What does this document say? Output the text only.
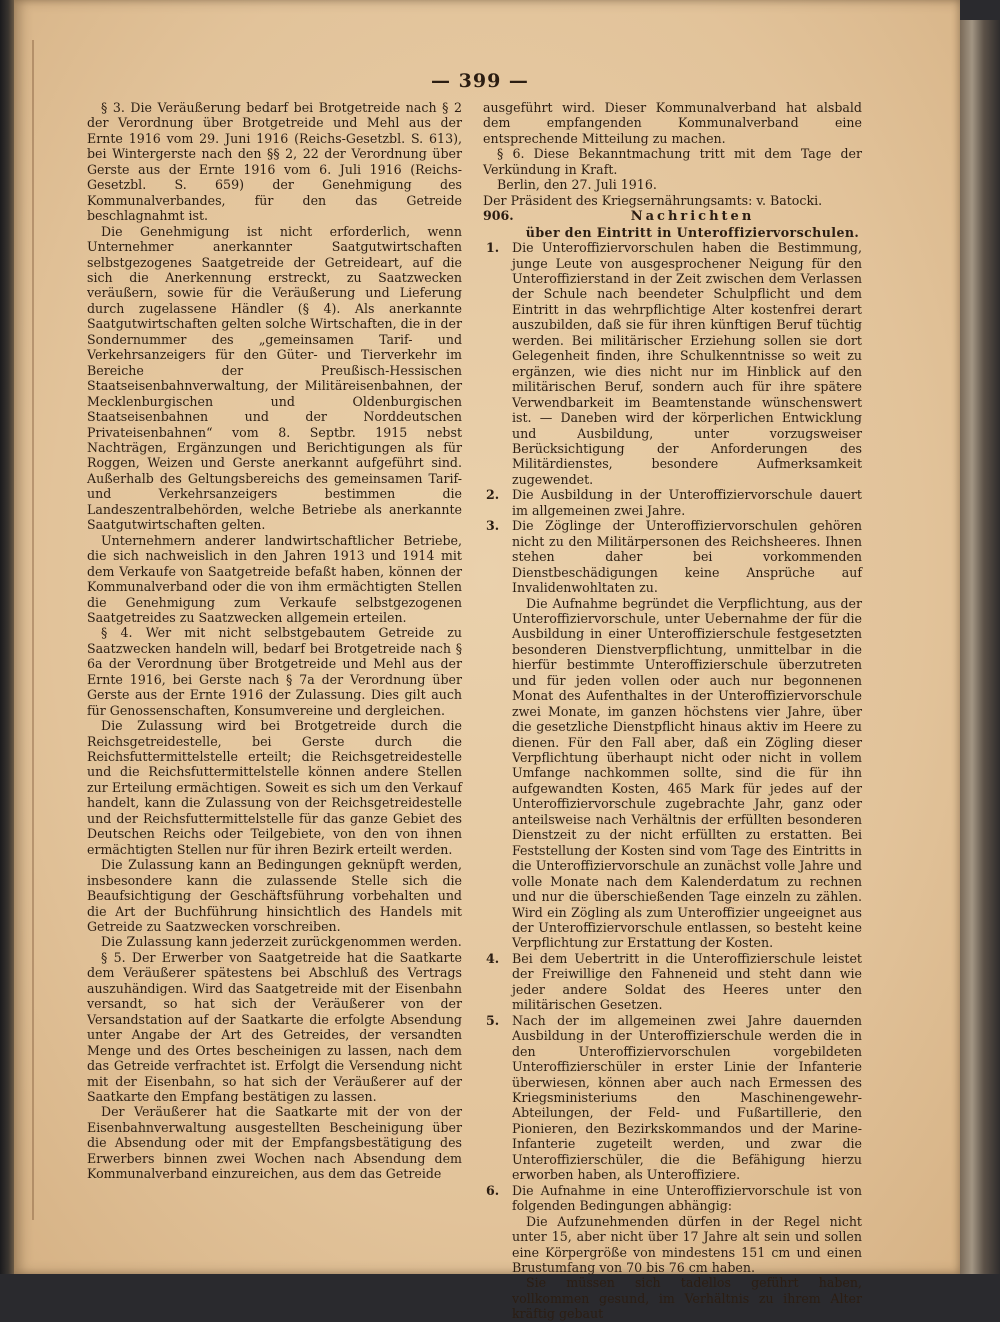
— 399 —

§ 3. Die Veräußerung bedarf bei Brotgetreide nach § 2 der Verordnung über Brotgetreide und Mehl aus der Ernte 1916 vom 29. Juni 1916 (Reichs-Gesetzbl. S. 613), bei Wintergerste nach den §§ 2, 22 der Verordnung über Gerste aus der Ernte 1916 vom 6. Juli 1916 (Reichs-Gesetzbl. S. 659) der Genehmigung des Kommunalverbandes, für den das Getreide beschlagnahmt ist.

Die Genehmigung ist nicht erforderlich, wenn Unternehmer anerkannter Saatgutwirtschaften selbstgezogenes Saatgetreide der Getreideart, auf die sich die Anerkennung erstreckt, zu Saatzwecken veräußern, sowie für die Veräußerung und Lieferung durch zugelassene Händler (§ 4). Als anerkannte Saatgutwirtschaften gelten solche Wirtschaften, die in der Sondernummer des „gemeinsamen Tarif- und Verkehrsanzeigers für den Güter- und Tierverkehr im Bereiche der Preußisch-Hessischen Staatseisenbahnverwaltung, der Militäreisenbahnen, der Mecklenburgischen und Oldenburgischen Staatseisenbahnen und der Norddeutschen Privateisenbahnen“ vom 8. Septbr. 1915 nebst Nachträgen, Ergänzungen und Berichtigungen als für Roggen, Weizen und Gerste anerkannt aufgeführt sind. Außerhalb des Geltungsbereichs des gemeinsamen Tarif- und Verkehrsanzeigers bestimmen die Landeszentralbehörden, welche Betriebe als anerkannte Saatgutwirtschaften gelten.

Unternehmern anderer landwirtschaftlicher Betriebe, die sich nachweislich in den Jahren 1913 und 1914 mit dem Verkaufe von Saatgetreide befaßt haben, können der Kommunalverband oder die von ihm ermächtigten Stellen die Genehmigung zum Verkaufe selbstgezogenen Saatgetreides zu Saatzwecken allgemein erteilen.

§ 4. Wer mit nicht selbstgebautem Getreide zu Saatzwecken handeln will, bedarf bei Brotgetreide nach § 6a der Verordnung über Brotgetreide und Mehl aus der Ernte 1916, bei Gerste nach § 7a der Verordnung über Gerste aus der Ernte 1916 der Zulassung. Dies gilt auch für Genossenschaften, Konsumvereine und dergleichen.

Die Zulassung wird bei Brotgetreide durch die Reichsgetreidestelle, bei Gerste durch die Reichsfuttermittelstelle erteilt; die Reichsgetreidestelle und die Reichsfuttermittelstelle können andere Stellen zur Erteilung ermächtigen. Soweit es sich um den Verkauf handelt, kann die Zulassung von der Reichsgetreidestelle und der Reichsfuttermittelstelle für das ganze Gebiet des Deutschen Reichs oder Teilgebiete, von den von ihnen ermächtigten Stellen nur für ihren Bezirk erteilt werden.

Die Zulassung kann an Bedingungen geknüpft werden, insbesondere kann die zulassende Stelle sich die Beaufsichtigung der Geschäftsführung vorbehalten und die Art der Buchführung hinsichtlich des Handels mit Getreide zu Saatzwecken vorschreiben.

Die Zulassung kann jederzeit zurückgenommen werden.

§ 5. Der Erwerber von Saatgetreide hat die Saatkarte dem Veräußerer spätestens bei Abschluß des Vertrags auszuhändigen. Wird das Saatgetreide mit der Eisenbahn versandt, so hat sich der Veräußerer von der Versandstation auf der Saatkarte die erfolgte Absendung unter Angabe der Art des Getreides, der versandten Menge und des Ortes bescheinigen zu lassen, nach dem das Getreide verfrachtet ist. Erfolgt die Versendung nicht mit der Eisenbahn, so hat sich der Veräußerer auf der Saatkarte den Empfang bestätigen zu lassen.

Der Veräußerer hat die Saatkarte mit der von der Eisenbahnverwaltung ausgestellten Bescheinigung über die Absendung oder mit der Empfangsbestätigung des Erwerbers binnen zwei Wochen nach Absendung dem Kommunalverband einzureichen, aus dem das Getreide

ausgeführt wird. Dieser Kommunalverband hat alsbald dem empfangenden Kommunalverband eine entsprechende Mitteilung zu machen.

§ 6. Diese Bekanntmachung tritt mit dem Tage der Verkündung in Kraft.

Berlin, den 27. Juli 1916.

Der Präsident des Kriegsernährungsamts: v. Batocki.

906.	Nachrichten
über den Eintritt in Unteroffiziervorschulen.
1.	Die Unteroffiziervorschulen haben die Bestimmung, junge Leute von ausgesprochener Neigung für den Unteroffizierstand in der Zeit zwischen dem Verlassen der Schule nach beendeter Schulpflicht und dem Eintritt in das wehrpflichtige Alter kostenfrei derart auszubilden, daß sie für ihren künftigen Beruf tüchtig werden. Bei militärischer Erziehung sollen sie dort Gelegenheit finden, ihre Schulkenntnisse so weit zu ergänzen, wie dies nicht nur im Hinblick auf den militärischen Beruf, sondern auch für ihre spätere Verwendbarkeit im Beamtenstande wünschenswert ist. — Daneben wird der körperlichen Entwicklung und Ausbildung, unter vorzugsweiser Berücksichtigung der Anforderungen des Militärdienstes, besondere Aufmerksamkeit zugewendet.

2.	Die Ausbildung in der Unteroffiziervorschule dauert im allgemeinen zwei Jahre.

3.	Die Zöglinge der Unteroffiziervorschulen gehören nicht zu den Militärpersonen des Reichsheeres. Ihnen stehen daher bei vorkommenden Dienstbeschädigungen keine Ansprüche auf Invalidenwohltaten zu.

Die Aufnahme begründet die Verpflichtung, aus der Unteroffiziervorschule, unter Uebernahme der für die Ausbildung in einer Unteroffizierschule festgesetzten besonderen Dienstverpflichtung, unmittelbar in die hierfür bestimmte Unteroffizierschule überzutreten und für jeden vollen oder auch nur begonnenen Monat des Aufenthaltes in der Unteroffiziervorschule zwei Monate, im ganzen höchstens vier Jahre, über die gesetzliche Dienstpflicht hinaus aktiv im Heere zu dienen. Für den Fall aber, daß ein Zögling dieser Verpflichtung überhaupt nicht oder nicht in vollem Umfange nachkommen sollte, sind die für ihn aufgewandten Kosten, 465 Mark für jedes auf der Unteroffiziervorschule zugebrachte Jahr, ganz oder anteilsweise nach Verhältnis der erfüllten besonderen Dienstzeit zu der nicht erfüllten zu erstatten. Bei Feststellung der Kosten sind vom Tage des Eintritts in die Unteroffiziervorschule an zunächst volle Jahre und volle Monate nach dem Kalenderdatum zu rechnen und nur die überschießenden Tage einzeln zu zählen. Wird ein Zögling als zum Unteroffizier ungeeignet aus der Unteroffiziervorschule entlassen, so besteht keine Verpflichtung zur Erstattung der Kosten.

4.	Bei dem Uebertritt in die Unteroffizierschule leistet der Freiwillige den Fahneneid und steht dann wie jeder andere Soldat des Heeres unter den militärischen Gesetzen.

5.	Nach der im allgemeinen zwei Jahre dauernden Ausbildung in der Unteroffizierschule werden die in den Unteroffiziervorschulen vorgebildeten Unteroffizierschüler in erster Linie der Infanterie überwiesen, können aber auch nach Ermessen des Kriegsministeriums den Maschinengewehr-Abteilungen, der Feld- und Fußartillerie, den Pionieren, den Bezirkskommandos und der Marine-Infanterie zugeteilt werden, und zwar die Unteroffizierschüler, die die Befähigung hierzu erworben haben, als Unteroffiziere.

6.	Die Aufnahme in eine Unteroffiziervorschule ist von folgenden Bedingungen abhängig:

Die Aufzunehmenden dürfen in der Regel nicht unter 15, aber nicht über 17 Jahre alt sein und sollen eine Körpergröße von mindestens 151 cm und einen Brustumfang von 70 bis 76 cm haben.

Sie müssen sich tadellos geführt haben, vollkommen gesund, im Verhältnis zu ihrem Alter kräftig gebaut
